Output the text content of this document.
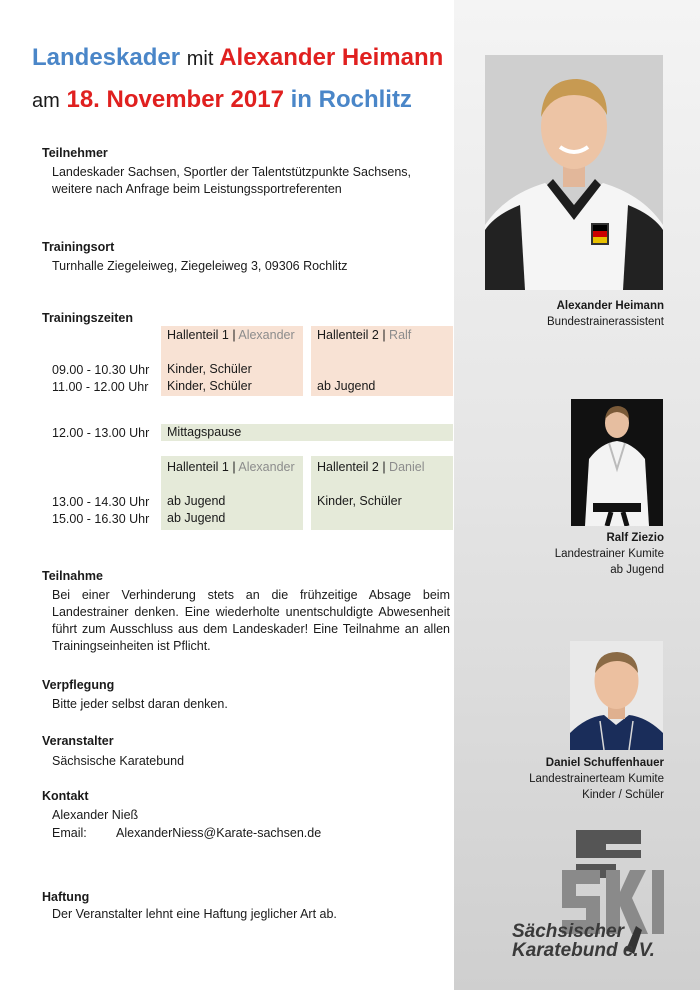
Landeskader mit Alexander Heimann
am 18. November 2017 in Rochlitz
Teilnehmer
Landeskader Sachsen, Sportler der Talentstützpunkte Sachsens,
weitere nach Anfrage beim Leistungssportreferenten
Trainingsort
Turnhalle Ziegeleiweg, Ziegeleiweg 3, 09306 Rochlitz
Trainingszeiten
Hallenteil 1 | Alexander Hallenteil 2 | Ralf
09.00 - 10.30 Uhr Kinder, Schüler
11.00 - 12.00 Uhr Kinder, Schüler	ab Jugend
12.00 - 13.00 Uhr Mittagspause
Hallenteil 1 | Alexander Hallenteil 2 | Daniel
13.00 - 14.30 Uhr ab Jugend	Kinder, Schüler
15.00 - 16.30 Uhr ab Jugend
Teilnahme
Bei einer Verhinderung stets an die frühzeitige Absage beim Landestrainer denken. Eine wiederholte unentschuldigte Abwesenheit führt zum Ausschluss aus dem Landeskader! Eine Teilnahme an allen Trainingseinheiten ist Pflicht.
Verpflegung
Bitte jeder selbst daran denken.
Veranstalter
Sächsische Karatebund
Kontakt
Alexander Nieß
Email: AlexanderNiess@Karate-sachsen.de
Haftung
Der Veranstalter lehnt eine Haftung jeglicher Art ab.
Alexander Heimann
Bundestrainerassistent
Ralf Ziezio
Landestrainer Kumite
ab Jugend
Daniel Schuffenhauer
Landestrainerteam Kumite
Kinder / Schüler
Sächsischer
Karatebund e.V.
